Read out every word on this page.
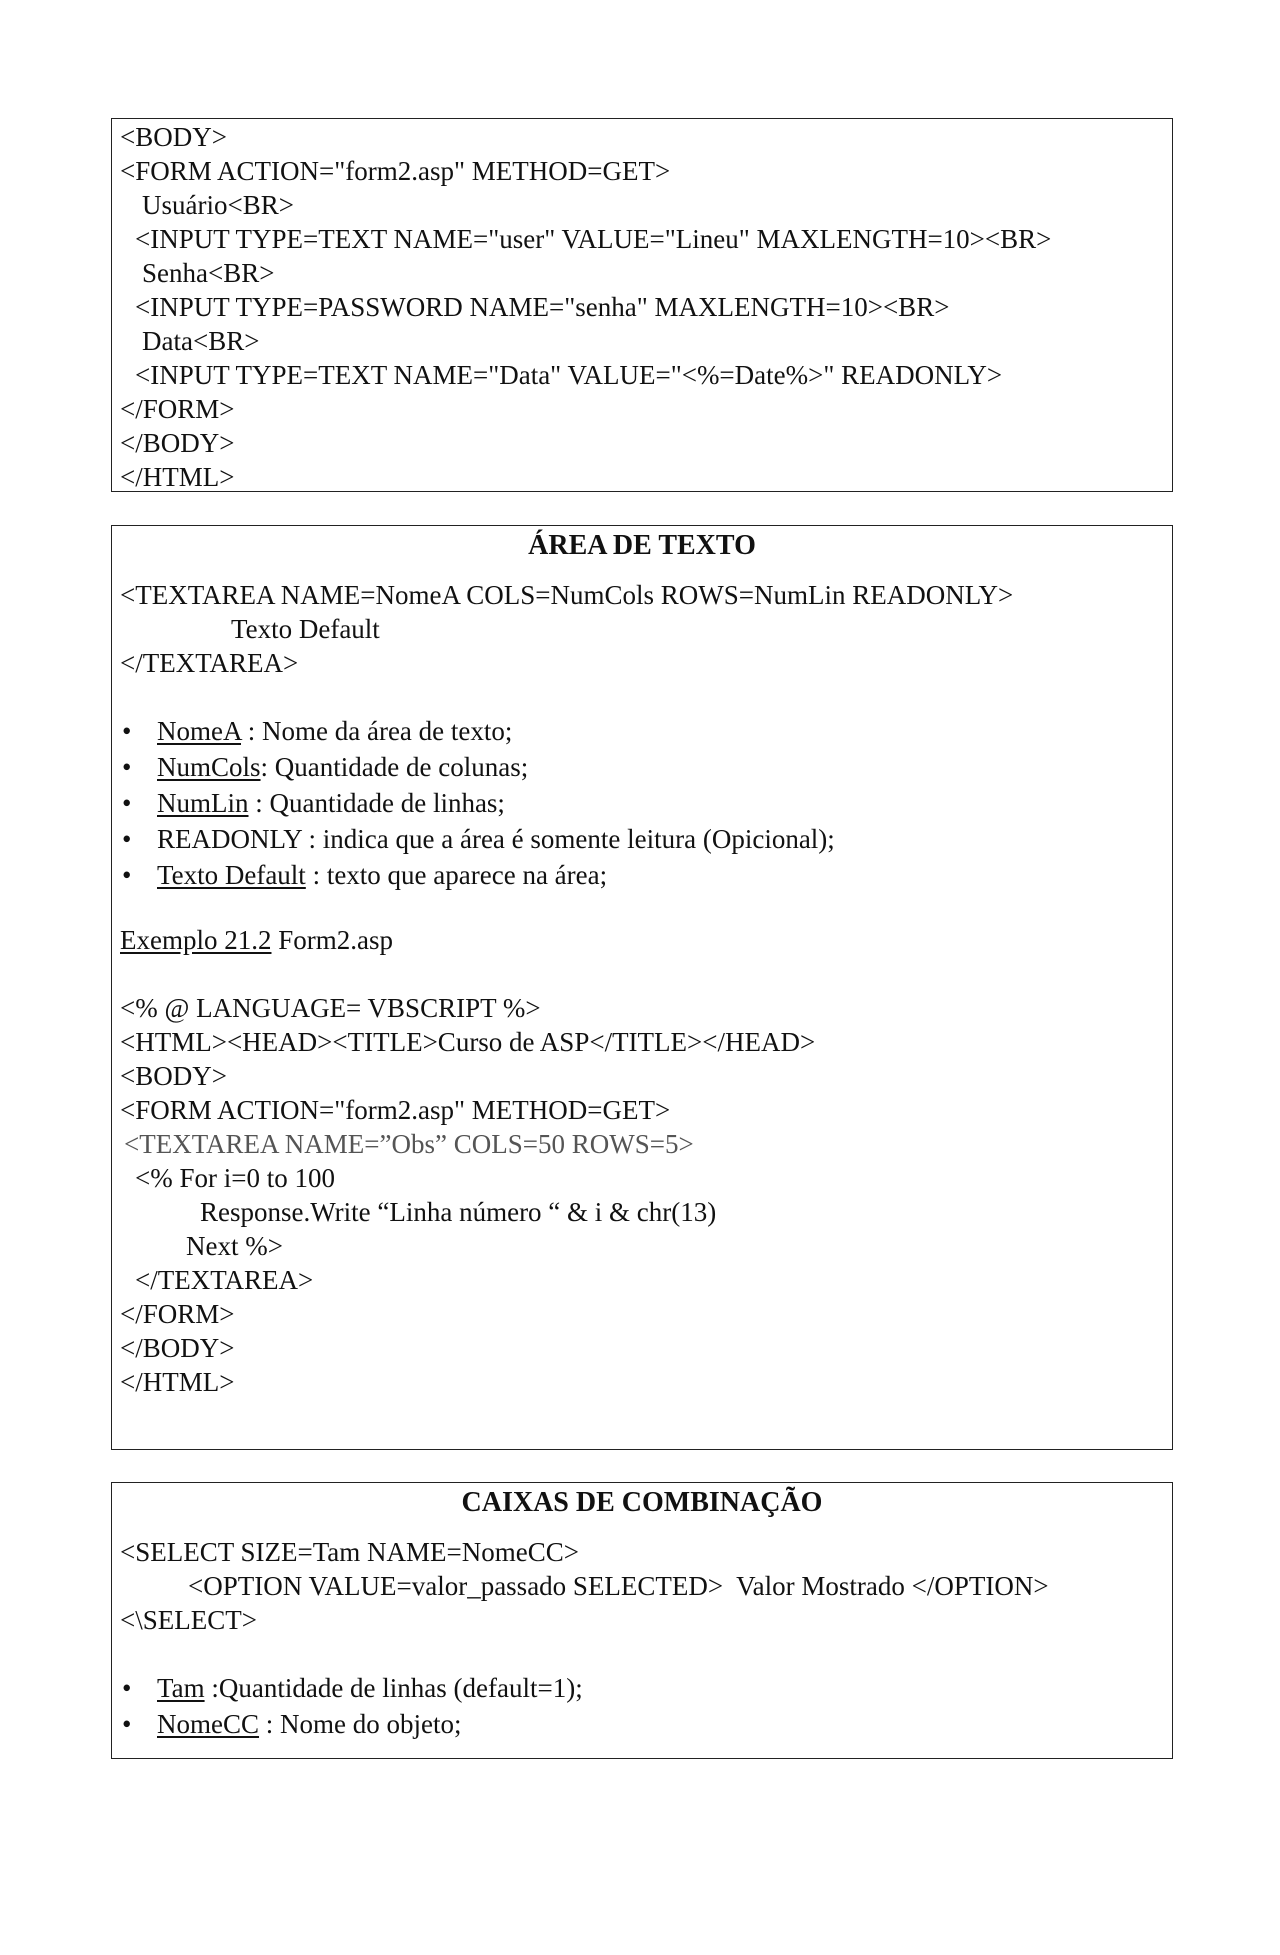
<BODY>
<FORM ACTION="form2.asp" METHOD=GET>
Usuário<BR>
<INPUT TYPE=TEXT NAME="user" VALUE="Lineu" MAXLENGTH=10><BR>
Senha<BR>
<INPUT TYPE=PASSWORD NAME="senha" MAXLENGTH=10><BR>
Data<BR>
<INPUT TYPE=TEXT NAME="Data" VALUE="<%=Date%>" READONLY>
</FORM>
</BODY>
</HTML>
ÁREA DE TEXTO
<TEXTAREA NAME=NomeA COLS=NumCols ROWS=NumLin READONLY>
Texto Default
</TEXTAREA>
• NomeA : Nome da área de texto;
• NumCols: Quantidade de colunas;
• NumLin : Quantidade de linhas;
• READONLY : indica que a área é somente leitura (Opicional);
• Texto Default : texto que aparece na área;
Exemplo 21.2 Form2.asp
<% @ LANGUAGE= VBSCRIPT %>
<HTML><HEAD><TITLE>Curso de ASP</TITLE></HEAD>
<BODY>
<FORM ACTION="form2.asp" METHOD=GET>
<TEXTAREA NAME=”Obs” COLS=50 ROWS=5>
<% For i=0 to 100
Response.Write “Linha número “ & i & chr(13)
Next %>
</TEXTAREA>
</FORM>
</BODY>
</HTML>
CAIXAS DE COMBINAÇÃO
<SELECT SIZE=Tam NAME=NomeCC>
<OPTION VALUE=valor_passado SELECTED>  Valor Mostrado </OPTION>
<\SELECT>
• Tam :Quantidade de linhas (default=1);
• NomeCC : Nome do objeto;
